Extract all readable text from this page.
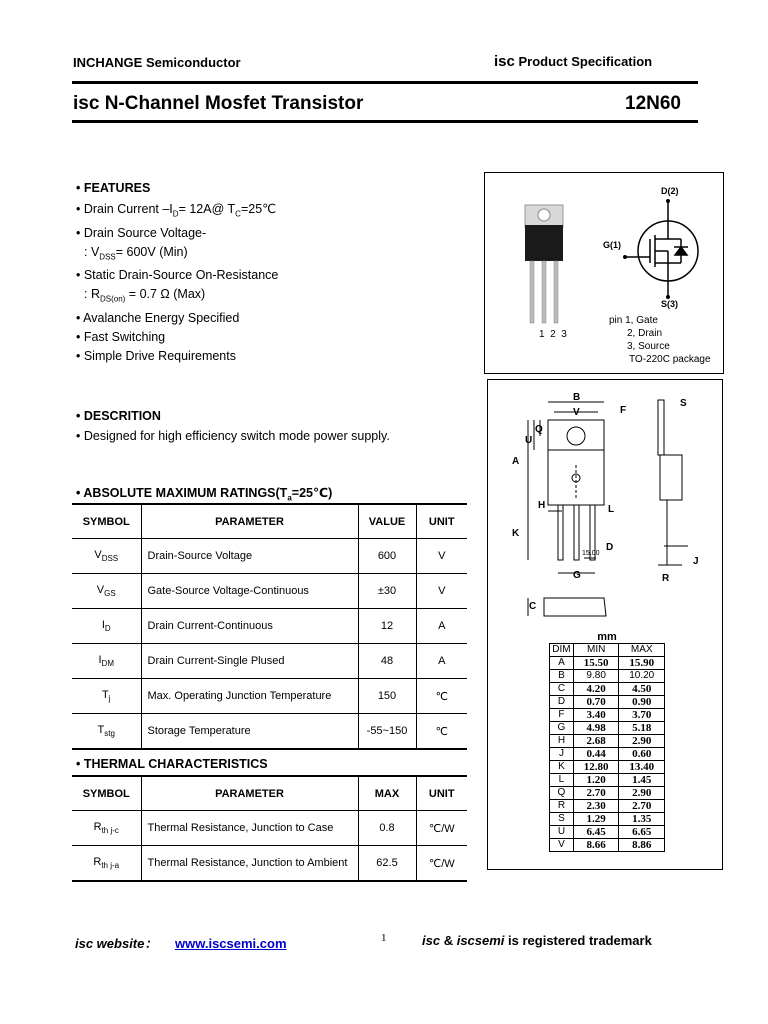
INCHANGE Semiconductor	isc Product Specification
isc N-Channel Mosfet Transistor	12N60
• FEATURES
• Drain Current $-I_D=$ 12A@ $T_C=25℃$
• Drain Source Voltage-
: $V_{DSS}= 600V$ (Min)
• Static Drain-Source On-Resistance
: $R_{DS(on)} = 0.7$ Ω (Max)
• Avalanche Energy Specified
• Fast Switching
• Simple Drive Requirements
• DESCRITION
• Designed for high efficiency switch mode power supply.
• ABSOLUTE MAXIMUM $RATINGS(T_a=25℃)$
SYMBOL	PARAMETER	VALUE	UNIT
$V_{DSS}$	Drain-Source Voltage	600	V
$V_{GS}$	Gate-Source Voltage-Continuous	±30	V
$I_D$	Drain Current-Continuous	12	A
$I_{DM}$	Drain Current-Single Plused	48	A
$T_j$	Max. Operating Junction Temperature	150	℃
$T_{stg}$	Storage Temperature	-55~150	℃
• THERMAL CHARACTERISTICS
SYMBOL	PARAMETER	MAX	UNIT
$R_{th j-c}$	Thermal Resistance, Junction to Case	0.8	℃/W
$R_{th j-a}$	Thermal Resistance, Junction to Ambient	62.5	℃/W
1  2  3
D(2)
G(1)
S(3)
pin 1, Gate
2, Drain
3, Source
TO-220C package
B
V	F
S
Q
U
A
H	L
K
D
15.00
J
G	R
C
mm		
DIM	MIN	MAX
A	15.50	15.90
B	9.80	10.20
C	4.20	4.50
D	0.70	0.90
F	3.40	3.70
G	4.98	5.18
H	2.68	2.90
J	0.44	0.60
K	12.80	13.40
L	1.20	1.45
Q	2.70	2.90
R	2.30	2.70
S	1.29	1.35
U	6.45	6.65
V	8.66	8.86
isc website： www.iscsemi.com	1	isc & iscsemi is registered trademark
